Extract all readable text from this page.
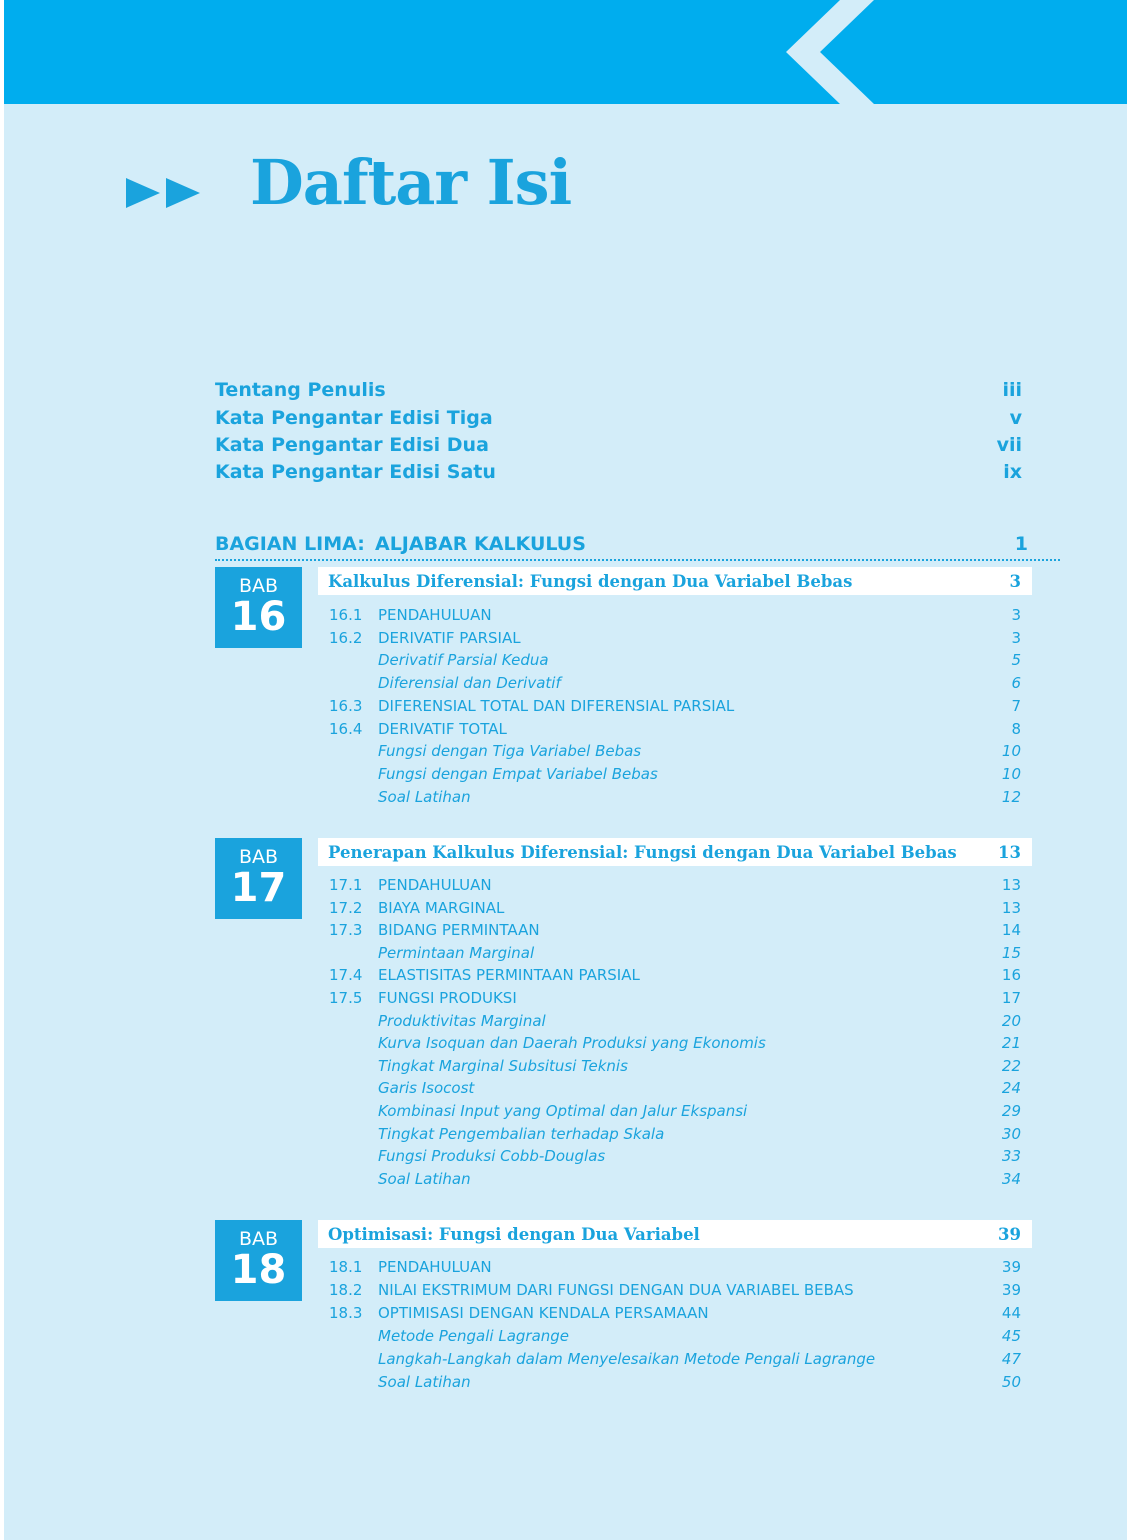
Daftar Isi
Tentang Penulis	iii
Kata Pengantar Edisi Tiga	v
Kata Pengantar Edisi Dua	vii
Kata Pengantar Edisi Satu	ix
BAGIAN LIMA: ALJABAR KALKULUS	1
BAB
16
Kalkulus Diferensial: Fungsi dengan Dua Variabel Bebas	3
16.1 PENDAHULUAN	3
16.2 DERIVATIF PARSIAL	3
Derivatif Parsial Kedua	5
Diferensial dan Derivatif	6
16.3 DIFERENSIAL TOTAL DAN DIFERENSIAL PARSIAL	7
16.4 DERIVATIF TOTAL	8
Fungsi dengan Tiga Variabel Bebas	10
Fungsi dengan Empat Variabel Bebas	10
Soal Latihan	12
BAB
17
Penerapan Kalkulus Diferensial: Fungsi dengan Dua Variabel Bebas	13
17.1 PENDAHULUAN	13
17.2 BIAYA MARGINAL	13
17.3 BIDANG PERMINTAAN	14
Permintaan Marginal	15
17.4 ELASTISITAS PERMINTAAN PARSIAL	16
17.5 FUNGSI PRODUKSI	17
Produktivitas Marginal	20
Kurva Isoquan dan Daerah Produksi yang Ekonomis	21
Tingkat Marginal Subsitusi Teknis	22
Garis Isocost	24
Kombinasi Input yang Optimal dan Jalur Ekspansi	29
Tingkat Pengembalian terhadap Skala	30
Fungsi Produksi Cobb-Douglas	33
Soal Latihan	34
BAB
18
Optimisasi: Fungsi dengan Dua Variabel	39
18.1 PENDAHULUAN	39
18.2 NILAI EKSTRIMUM DARI FUNGSI DENGAN DUA VARIABEL BEBAS	39
18.3 OPTIMISASI DENGAN KENDALA PERSAMAAN	44
Metode Pengali Lagrange	45
Langkah-Langkah dalam Menyelesaikan Metode Pengali Lagrange	47
Soal Latihan	50
